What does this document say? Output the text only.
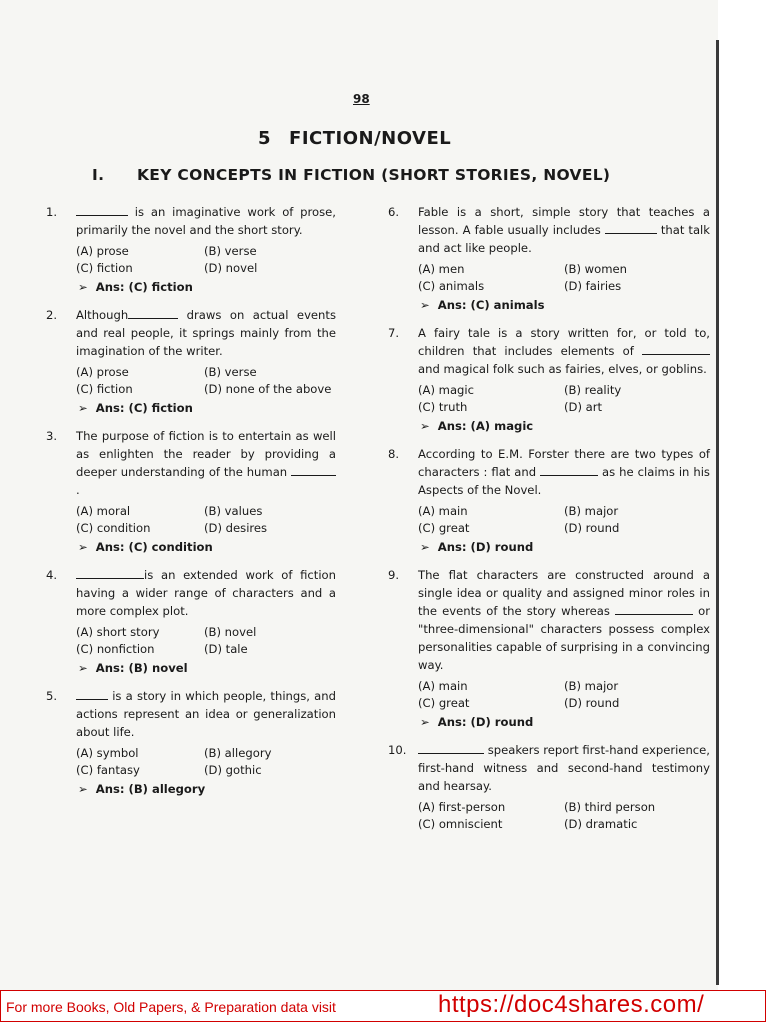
98
5 FICTION/NOVEL
I. KEY CONCEPTS IN FICTION (SHORT STORIES, NOVEL)
1.	is an imaginative work of prose, primarily the novel and the short story.
(A) prose	(B) verse
(C) fiction	(D) novel
➢ Ans: (C) fiction
2. Although	draws on actual events and real people, it springs mainly from the imagination of the writer.
(A) prose	(B) verse
(C) fiction	(D) none of the above
➢ Ans: (C) fiction
3. The purpose of fiction is to entertain as well as enlighten the reader by providing a deeper understanding of the human .
(A) moral	(B) values
(C) condition	(D) desires
➢ Ans: (C) condition
4.	is an extended work of fiction having a wider range of characters and a more complex plot.
(A) short story	(B) novel
(C) nonfiction	(D) tale
➢ Ans: (B) novel
5.	is a story in which people, things, and actions represent an idea or generalization about life.
(A) symbol	(B) allegory
(C) fantasy	(D) gothic
➢ Ans: (B) allegory
6. Fable is a short, simple story that teaches a lesson. A fable usually includes	that talk and act like people.
(A) men	(B) women
(C) animals	(D) fairies
➢ Ans: (C) animals
7. A fairy tale is a story written for, or told to, children that includes elements of  and magical folk such as fairies, elves, or goblins.
(A) magic	(B) reality
(C) truth	(D) art
➢ Ans: (A) magic
8. According to E.M. Forster there are two types of characters : flat and	as he claims in his Aspects of the Novel.
(A) main	(B) major
(C) great	(D) round
➢ Ans: (D) round
9. The flat characters are constructed around a single idea or quality and assigned minor roles in the events of the story whereas	or "three-dimensional" characters possess complex personalities capable of surprising in a convincing way.
(A) main	(B) major
(C) great	(D) round
➢ Ans: (D) round
10.	speakers report first-hand experience, first-hand witness and second-hand testimony and hearsay.
(A) first-person	(B) third person
(C) omniscient	(D) dramatic
For more Books, Old Papers, & Preparation data visit	https://doc4shares.com/
